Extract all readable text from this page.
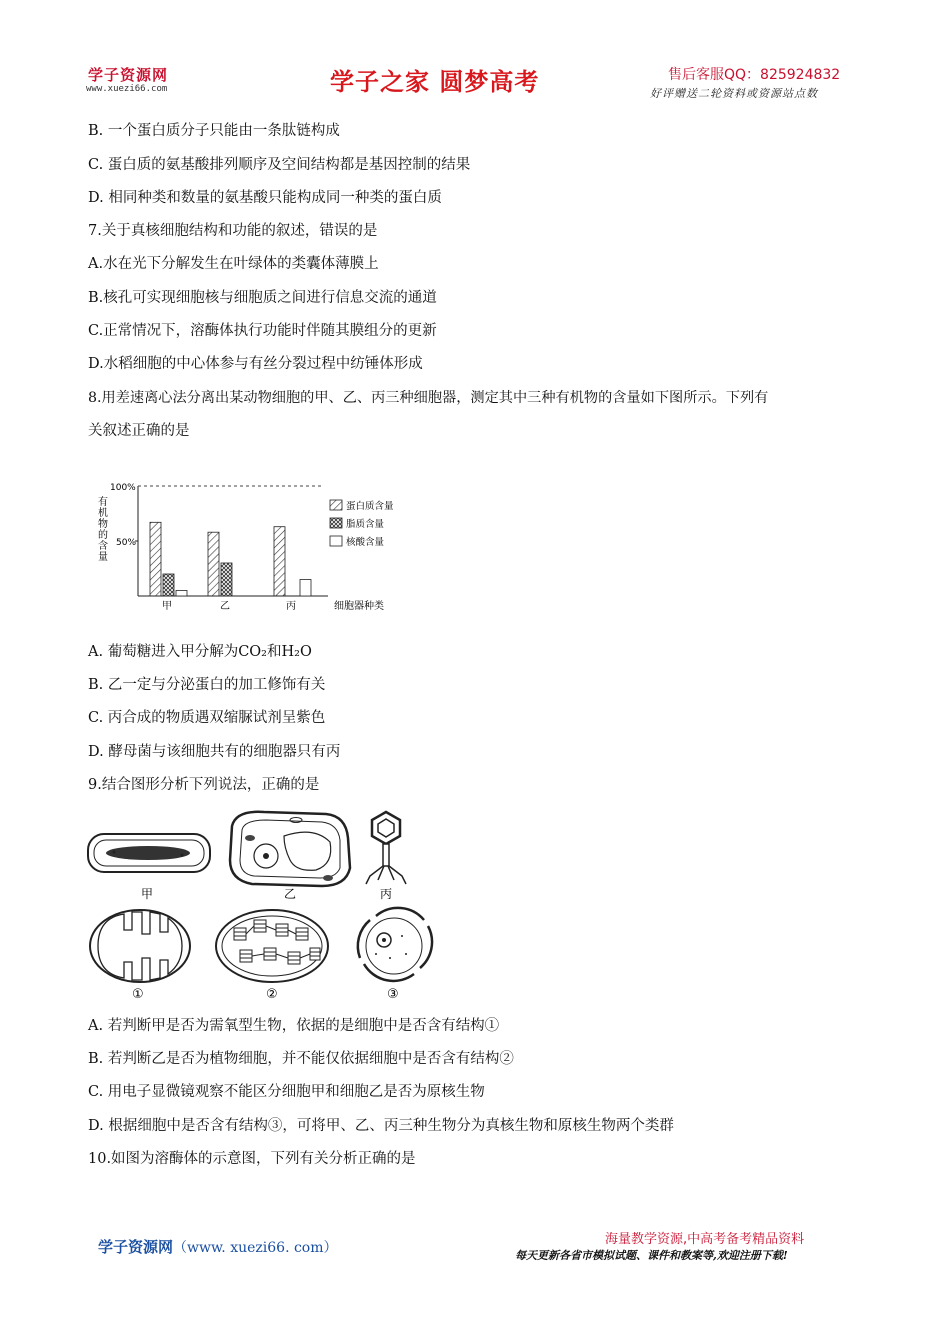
学子资源网
www.xuezi66.com	学子之家 圆梦高考	售后客服QQ：825924832
好评赠送二轮资料或资源站点数
B. 一个蛋白质分子只能由一条肽链构成
C. 蛋白质的氨基酸排列顺序及空间结构都是基因控制的结果
D. 相同种类和数量的氨基酸只能构成同一种类的蛋白质
7.关于真核细胞结构和功能的叙述，错误的是
A.水在光下分解发生在叶绿体的类囊体薄膜上
B.核孔可实现细胞核与细胞质之间进行信息交流的通道
C.正常情况下，溶酶体执行功能时伴随其膜组分的更新
D.水稻细胞的中心体参与有丝分裂过程中纺锤体形成
8.用差速离心法分离出某动物细胞的甲、乙、丙三种细胞器，测定其中三种有机物的含量如下图所示。下列有
关叙述正确的是
有机物的含量
100%
50%
甲	乙	丙	细胞器种类
蛋白质含量
脂质含量
核酸含量
A. 葡萄糖进入甲分解为CO₂和H₂O
B. 乙一定与分泌蛋白的加工修饰有关
C. 丙合成的物质遇双缩脲试剂呈紫色
D. 酵母菌与该细胞共有的细胞器只有丙
9.结合图形分析下列说法，正确的是
甲	乙	丙
①	②	③
A. 若判断甲是否为需氧型生物，依据的是细胞中是否含有结构①
B. 若判断乙是否为植物细胞，并不能仅依据细胞中是否含有结构②
C. 用电子显微镜观察不能区分细胞甲和细胞乙是否为原核生物
D. 根据细胞中是否含有结构③，可将甲、乙、丙三种生物分为真核生物和原核生物两个类群
10.如图为溶酶体的示意图，下列有关分析正确的是
学子资源网（www. xuezi66. com）
海量教学资源,中高考备考精品资料
每天更新各省市模拟试题、课件和教案等,欢迎注册下载!
